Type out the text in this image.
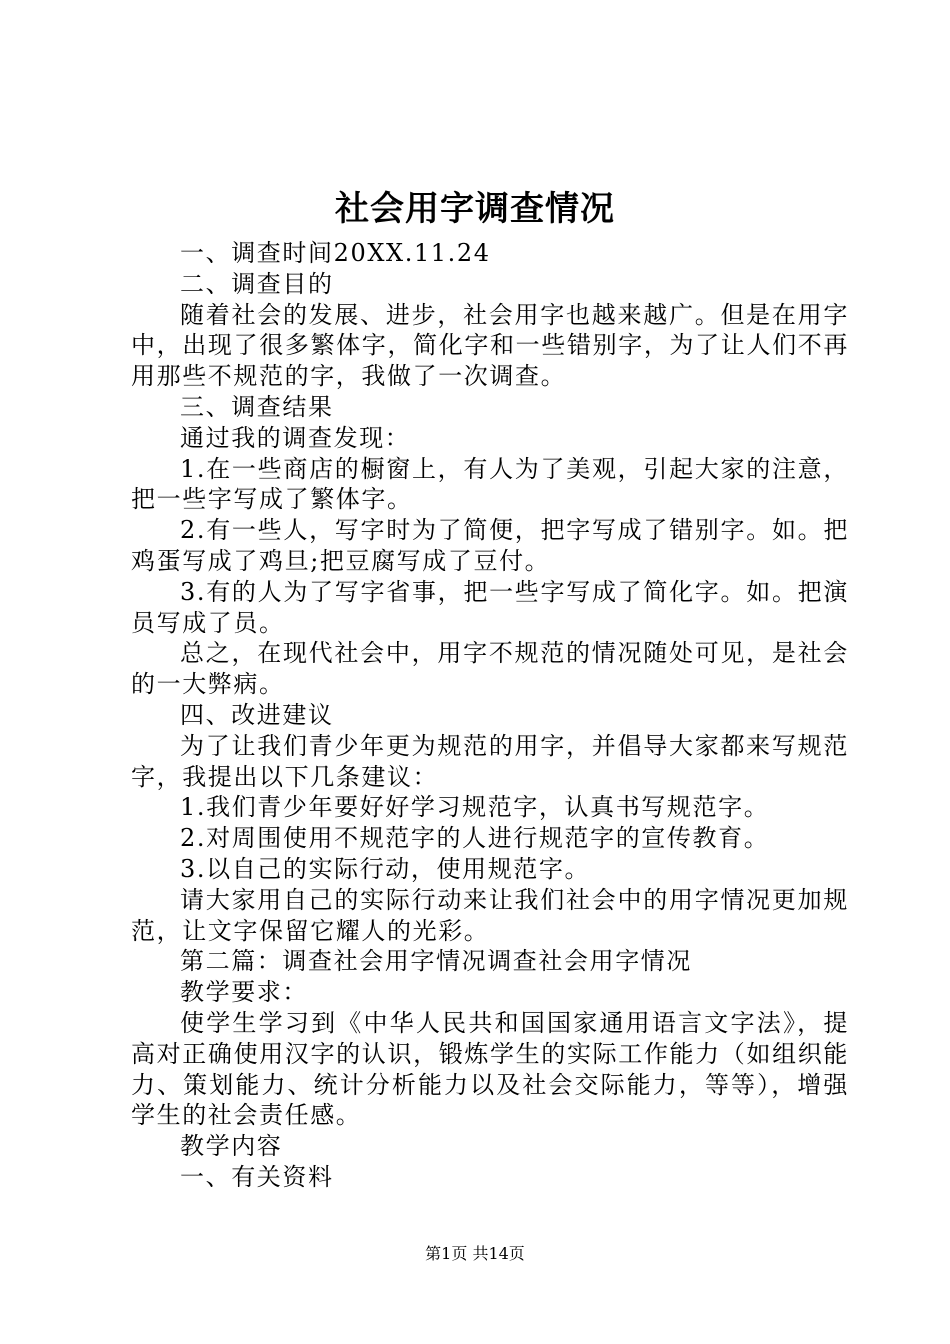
社会用字调查情况

一、调查时间20XX.11.24

二、调查目的

随着社会的发展、进步，社会用字也越来越广。但是在用字中，出现了很多繁体字，简化字和一些错别字，为了让人们不再用那些不规范的字，我做了一次调查。

三、调查结果

通过我的调查发现：

1.在一些商店的橱窗上，有人为了美观，引起大家的注意，把一些字写成了繁体字。

2.有一些人，写字时为了简便，把字写成了错别字。如。把鸡蛋写成了鸡旦;把豆腐写成了豆付。

3.有的人为了写字省事，把一些字写成了简化字。如。把演员写成了员。

总之，在现代社会中，用字不规范的情况随处可见，是社会的一大弊病。

四、改进建议

为了让我们青少年更为规范的用字，并倡导大家都来写规范字，我提出以下几条建议：

1.我们青少年要好好学习规范字，认真书写规范字。

2.对周围使用不规范字的人进行规范字的宣传教育。

3.以自己的实际行动，使用规范字。

请大家用自己的实际行动来让我们社会中的用字情况更加规范，让文字保留它耀人的光彩。

第二篇：调查社会用字情况调查社会用字情况

教学要求：

使学生学习到《中华人民共和国国家通用语言文字法》，提高对正确使用汉字的认识，锻炼学生的实际工作能力（如组织能力、策划能力、统计分析能力以及社会交际能力，等等），增强学生的社会责任感。

教学内容

一、有关资料

第1页 共14页
